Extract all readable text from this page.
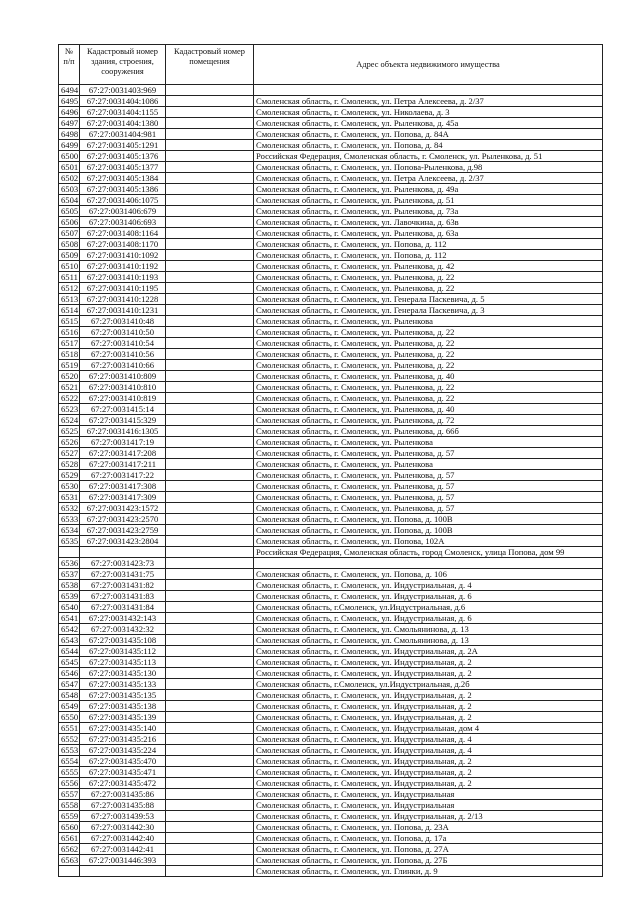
№ п/п	Кадастровый номер здания, строения, сооружения	Кадастровый номер помещения	Адрес объекта недвижимого имущества
6494	67:27:0031403:969		
6495	67:27:0031404:1086		Смоленская область, г. Смоленск, ул. Петра Алексеева, д. 2/37
6496	67:27:0031404:1155		Смоленская область, г. Смоленск, ул. Николаева, д. 3
6497	67:27:0031404:1380		Смоленская область, г. Смоленск, ул. Рыленкова, д. 45а
6498	67:27:0031404:981		Смоленская область, г. Смоленск, ул. Попова, д. 84А
6499	67:27:0031405:1291		Смоленская область, г. Смоленск, ул. Попова, д. 84
6500	67:27:0031405:1376		Российская Федерация, Смоленская область, г. Смоленск, ул. Рыленкова, д. 51
6501	67:27:0031405:1377		Смоленская область, г. Смоленск, ул. Попова-Рыленкова, д.98
6502	67:27:0031405:1384		Смоленская область, г. Смоленск, ул. Петра Алексеева, д. 2/37
6503	67:27:0031405:1386		Смоленская область, г. Смоленск, ул. Рыленкова, д. 49а
6504	67:27:0031406:1075		Смоленская область, г. Смоленск, ул. Рыленкова, д. 51
6505	67:27:0031406:679		Смоленская область, г. Смоленск, ул. Рыленкова, д. 73а
6506	67:27:0031406:693		Смоленская область, г. Смоленск, ул. Лавочкина, д. 63в
6507	67:27:0031408:1164		Смоленская область, г. Смоленск, ул. Рыленкова, д. 63а
6508	67:27:0031408:1170		Смоленская область, г. Смоленск, ул. Попова, д. 112
6509	67:27:0031410:1092		Смоленская область, г. Смоленск, ул. Попова, д. 112
6510	67:27:0031410:1192		Смоленская область, г. Смоленск, ул. Рыленкова, д. 42
6511	67:27:0031410:1193		Смоленская область, г. Смоленск, ул. Рыленкова, д. 22
6512	67:27:0031410:1195		Смоленская область, г. Смоленск, ул. Рыленкова, д. 22
6513	67:27:0031410:1228		Смоленская область, г. Смоленск, ул. Генерала Паскевича, д. 5
6514	67:27:0031410:1231		Смоленская область, г. Смоленск, ул. Генерала Паскевича, д. 3
6515	67:27:0031410:48		Смоленская область, г. Смоленск, ул. Рыленкова
6516	67:27:0031410:50		Смоленская область, г. Смоленск, ул. Рыленкова, д. 22
6517	67:27:0031410:54		Смоленская область, г. Смоленск, ул. Рыленкова, д. 22
6518	67:27:0031410:56		Смоленская область, г. Смоленск, ул. Рыленкова, д. 22
6519	67:27:0031410:66		Смоленская область, г. Смоленск, ул. Рыленкова, д. 22
6520	67:27:0031410:809		Смоленская область, г. Смоленск, ул. Рыленкова, д. 40
6521	67:27:0031410:810		Смоленская область, г. Смоленск, ул. Рыленкова, д. 22
6522	67:27:0031410:819		Смоленская область, г. Смоленск, ул. Рыленкова, д. 22
6523	67:27:0031415:14		Смоленская область, г. Смоленск, ул. Рыленкова, д. 40
6524	67:27:0031415:329		Смоленская область, г. Смоленск, ул. Рыленкова, д. 72
6525	67:27:0031416:1305		Смоленская область, г. Смоленск, ул. Рыленкова, д. 66б
6526	67:27:0031417:19		Смоленская область, г. Смоленск, ул. Рыленкова
6527	67:27:0031417:208		Смоленская область, г. Смоленск, ул. Рыленкова, д. 57
6528	67:27:0031417:211		Смоленская область, г. Смоленск, ул. Рыленкова
6529	67:27:0031417:22		Смоленская область, г. Смоленск, ул. Рыленкова, д. 57
6530	67:27:0031417:308		Смоленская область, г. Смоленск, ул. Рыленкова, д. 57
6531	67:27:0031417:309		Смоленская область, г. Смоленск, ул. Рыленкова, д. 57
6532	67:27:0031423:1572		Смоленская область, г. Смоленск, ул. Рыленкова, д. 57
6533	67:27:0031423:2570		Смоленская область, г. Смоленск, ул. Попова, д. 100В
6534	67:27:0031423:2759		Смоленская область, г. Смоленск, ул. Попова, д. 100В
6535	67:27:0031423:2804		Смоленская область, г. Смоленск, ул. Попова, 102А
			Российская Федерация, Смоленская область, город Смоленск, улица Попова, дом 99
6536	67:27:0031423:73		
6537	67:27:0031431:75		Смоленская область, г. Смоленск, ул. Попова, д. 106
6538	67:27:0031431:82		Смоленская область, г. Смоленск, ул. Индустриальная, д. 4
6539	67:27:0031431:83		Смоленская область, г. Смоленск, ул. Индустриальная, д. 6
6540	67:27:0031431:84		Смоленская область, г.Смоленск, ул.Индустриальная, д.6
6541	67:27:0031432:143		Смоленская область, г. Смоленск, ул. Индустриальная, д. 6
6542	67:27:0031432:32		Смоленская область, г. Смоленск, ул. Смольянинова, д. 13
6543	67:27:0031435:108		Смоленская область, г. Смоленск, ул. Смольянинова, д. 13
6544	67:27:0031435:112		Смоленская область, г. Смоленск, ул. Индустриальная, д. 2А
6545	67:27:0031435:113		Смоленская область, г. Смоленск, ул. Индустриальная, д. 2
6546	67:27:0031435:130		Смоленская область, г. Смоленск, ул. Индустриальная, д. 2
6547	67:27:0031435:133		Смоленская область, г.Смоленск, ул.Индустриальная, д.2б
6548	67:27:0031435:135		Смоленская область, г. Смоленск, ул. Индустриальная, д. 2
6549	67:27:0031435:138		Смоленская область, г. Смоленск, ул. Индустриальная, д. 2
6550	67:27:0031435:139		Смоленская область, г. Смоленск, ул. Индустриальная, д. 2
6551	67:27:0031435:140		Смоленская область, г. Смоленск, ул. Индустриальная, дом 4
6552	67:27:0031435:216		Смоленская область, г. Смоленск, ул. Индустриальная, д. 4
6553	67:27:0031435:224		Смоленская область, г. Смоленск, ул. Индустриальная, д. 4
6554	67:27:0031435:470		Смоленская область, г. Смоленск, ул. Индустриальная, д. 2
6555	67:27:0031435:471		Смоленская область, г. Смоленск, ул. Индустриальная, д. 2
6556	67:27:0031435:472		Смоленская область, г. Смоленск, ул. Индустриальная, д. 2
6557	67:27:0031435:86		Смоленская область, г. Смоленск, ул. Индустриальная
6558	67:27:0031435:88		Смоленская область, г. Смоленск, ул. Индустриальная
6559	67:27:0031439:53		Смоленская область, г. Смоленск, ул. Индустриальная, д. 2/13
6560	67:27:0031442:30		Смоленская область, г. Смоленск, ул. Попова, д. 23А
6561	67:27:0031442:40		Смоленская область, г. Смоленск, ул. Попова, д. 17а
6562	67:27:0031442:41		Смоленская область, г. Смоленск, ул. Попова, д. 27А
6563	67:27:0031446:393		Смоленская область, г. Смоленск, ул. Попова, д. 27Б
			Смоленская область, г. Смоленск, ул. Глинки, д. 9
